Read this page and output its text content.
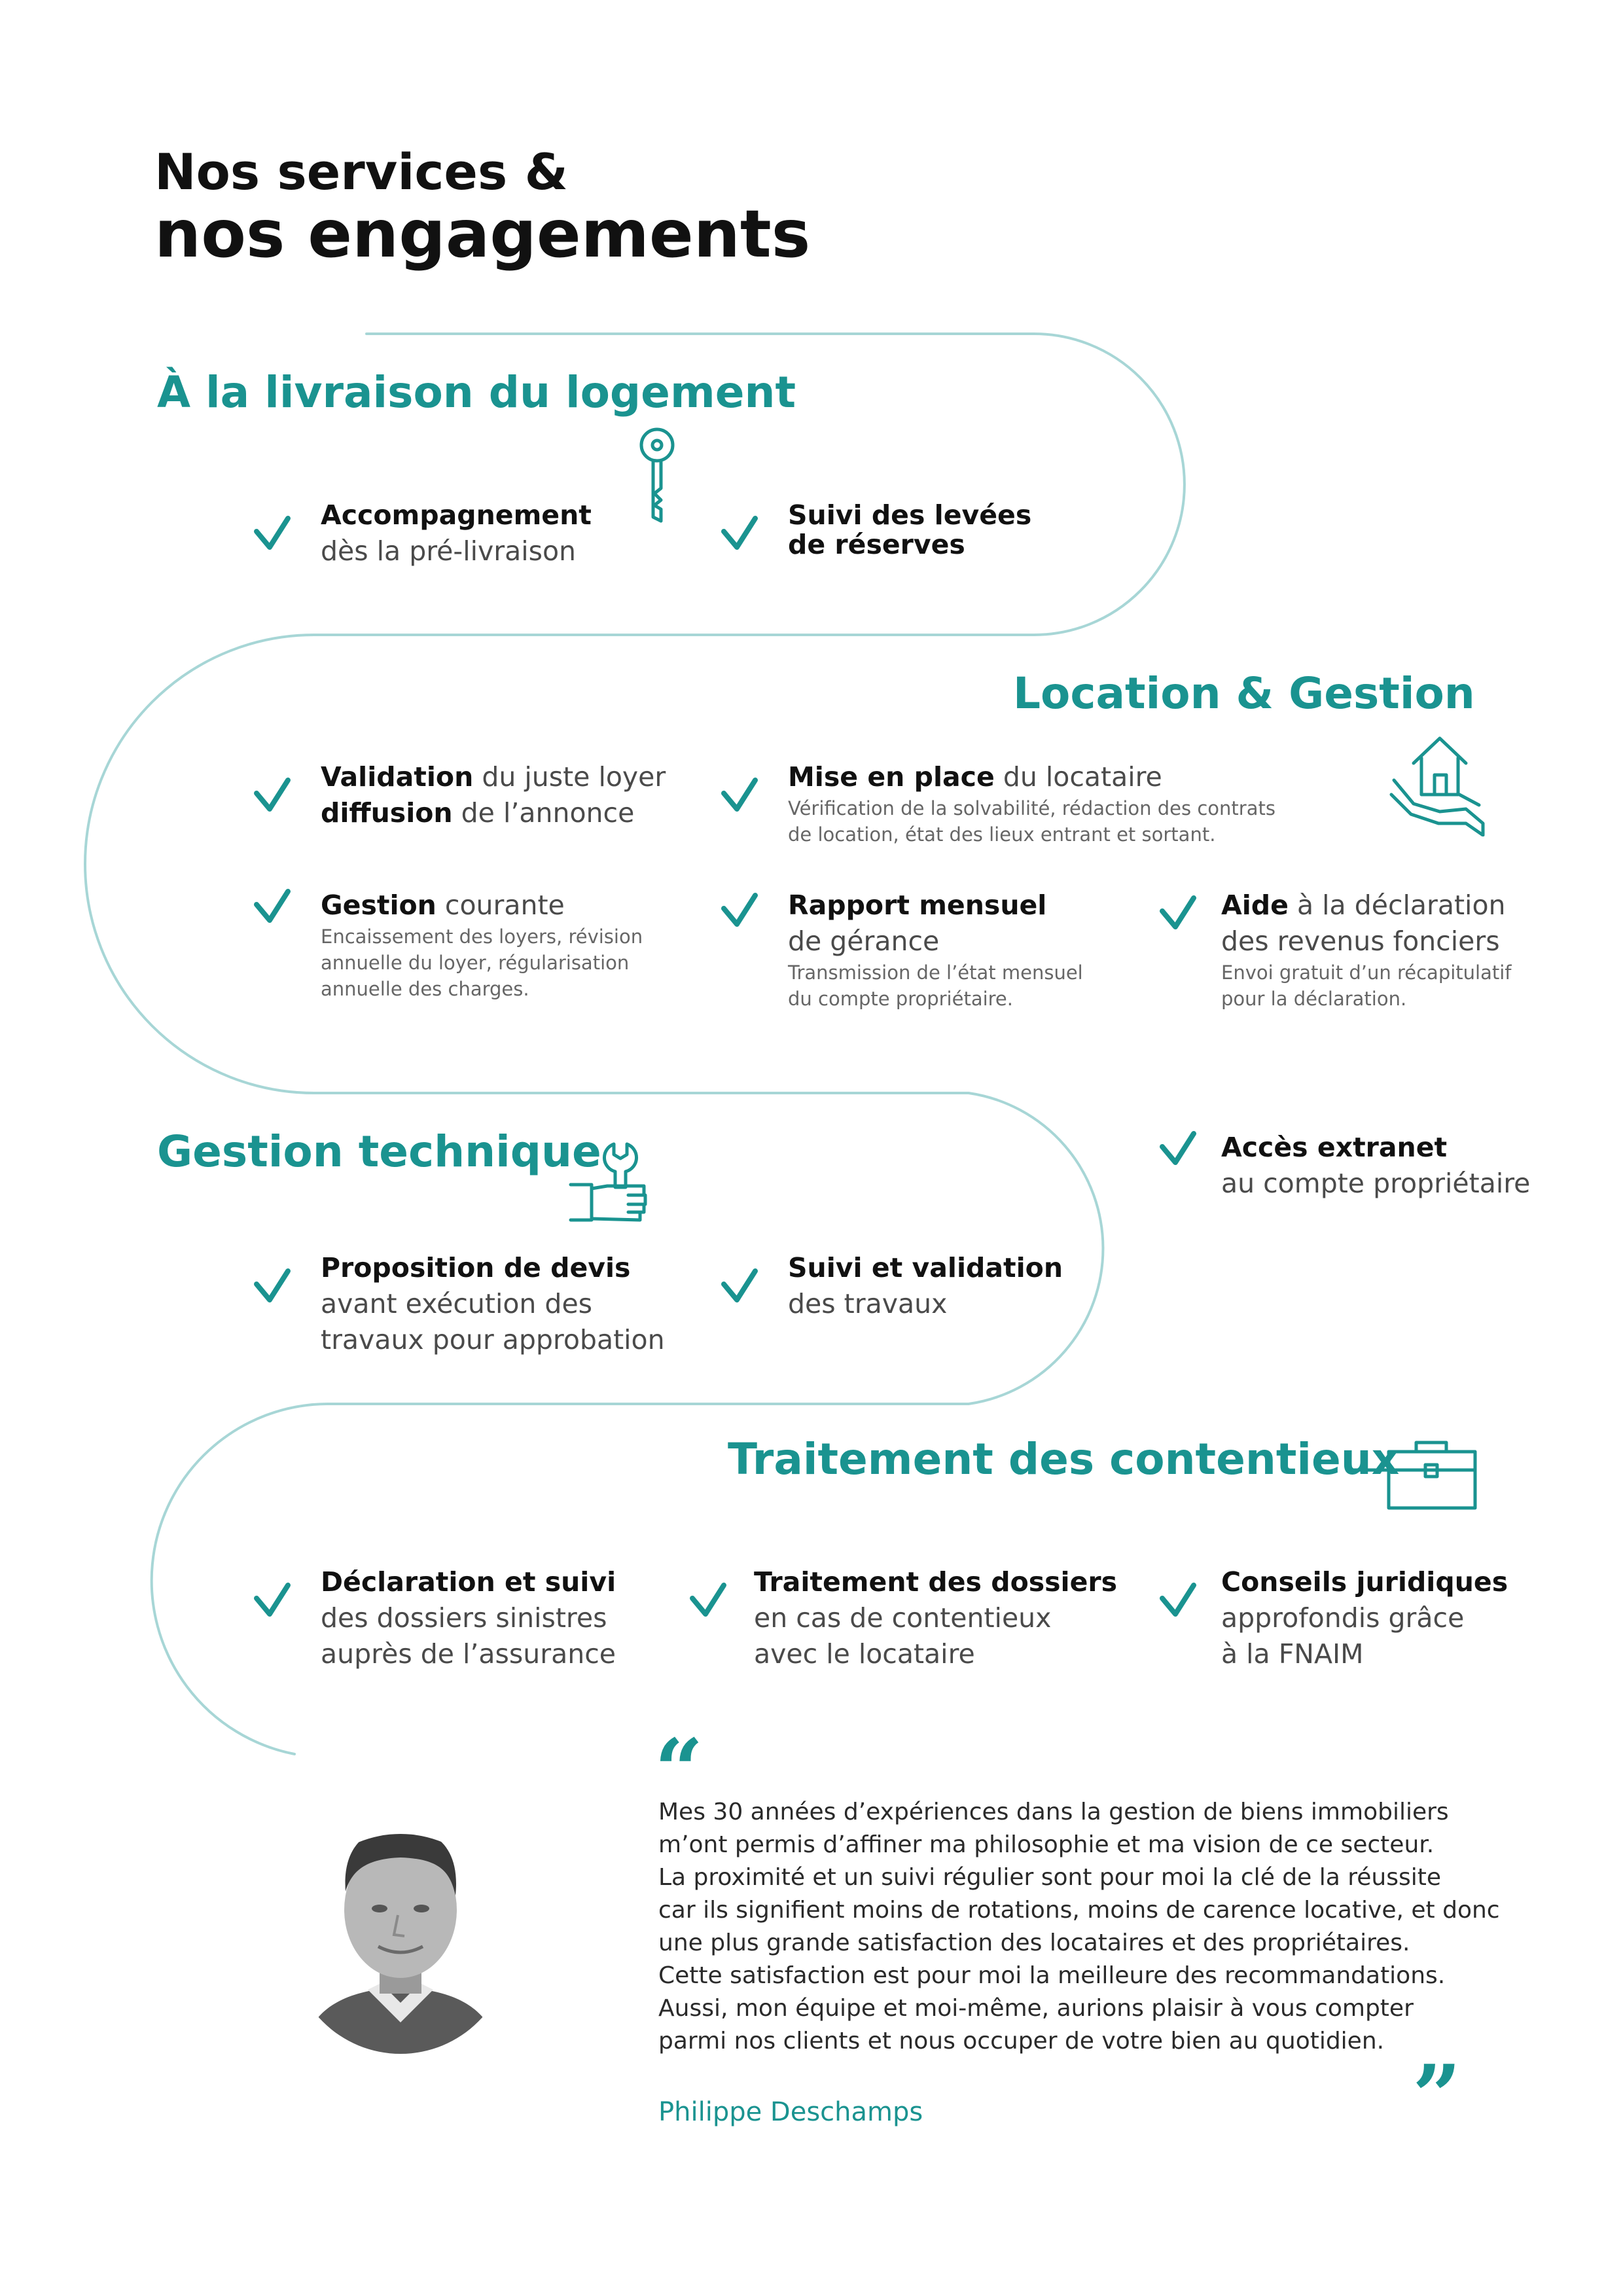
Nos services &
nos engagements
À la livraison du logement
Accompagnement
dès la pré-livraison
Suivi des levées
de réserves
Location & Gestion
Validation du juste loyer
diffusion de l’annonce
Mise en place du locataire
Vérification de la solvabilité, rédaction des contrats
de location, état des lieux entrant et sortant.
Gestion courante
Encaissement des loyers, révision
annuelle du loyer, régularisation
annuelle des charges.
Rapport mensuel
de gérance
Transmission de l’état mensuel
du compte propriétaire.
Aide à la déclaration
des revenus fonciers
Envoi gratuit d’un récapitulatif
pour la déclaration.
Accès extranet
au compte propriétaire
Gestion technique
Proposition de devis
avant exécution des
travaux pour approbation
Suivi et validation
des travaux
Traitement des contentieux
Déclaration et suivi
des dossiers sinistres
auprès de l’assurance
Traitement des dossiers
en cas de contentieux
avec le locataire
Conseils juridiques
approfondis grâce
à la FNAIM
“

Mes 30 années d’expériences dans la gestion de biens immobiliers

m’ont permis d’affiner ma philosophie et ma vision de ce secteur.

La proximité et un suivi régulier sont pour moi la clé de la réussite

car ils signifient moins de rotations, moins de carence locative, et donc

une plus grande satisfaction des locataires et des propriétaires.

Cette satisfaction est pour moi la meilleure des recommandations.

Aussi, mon équipe et moi-même, aurions plaisir à vous compter

parmi nos clients et nous occuper de votre bien au quotidien.

”
Philippe Deschamps
